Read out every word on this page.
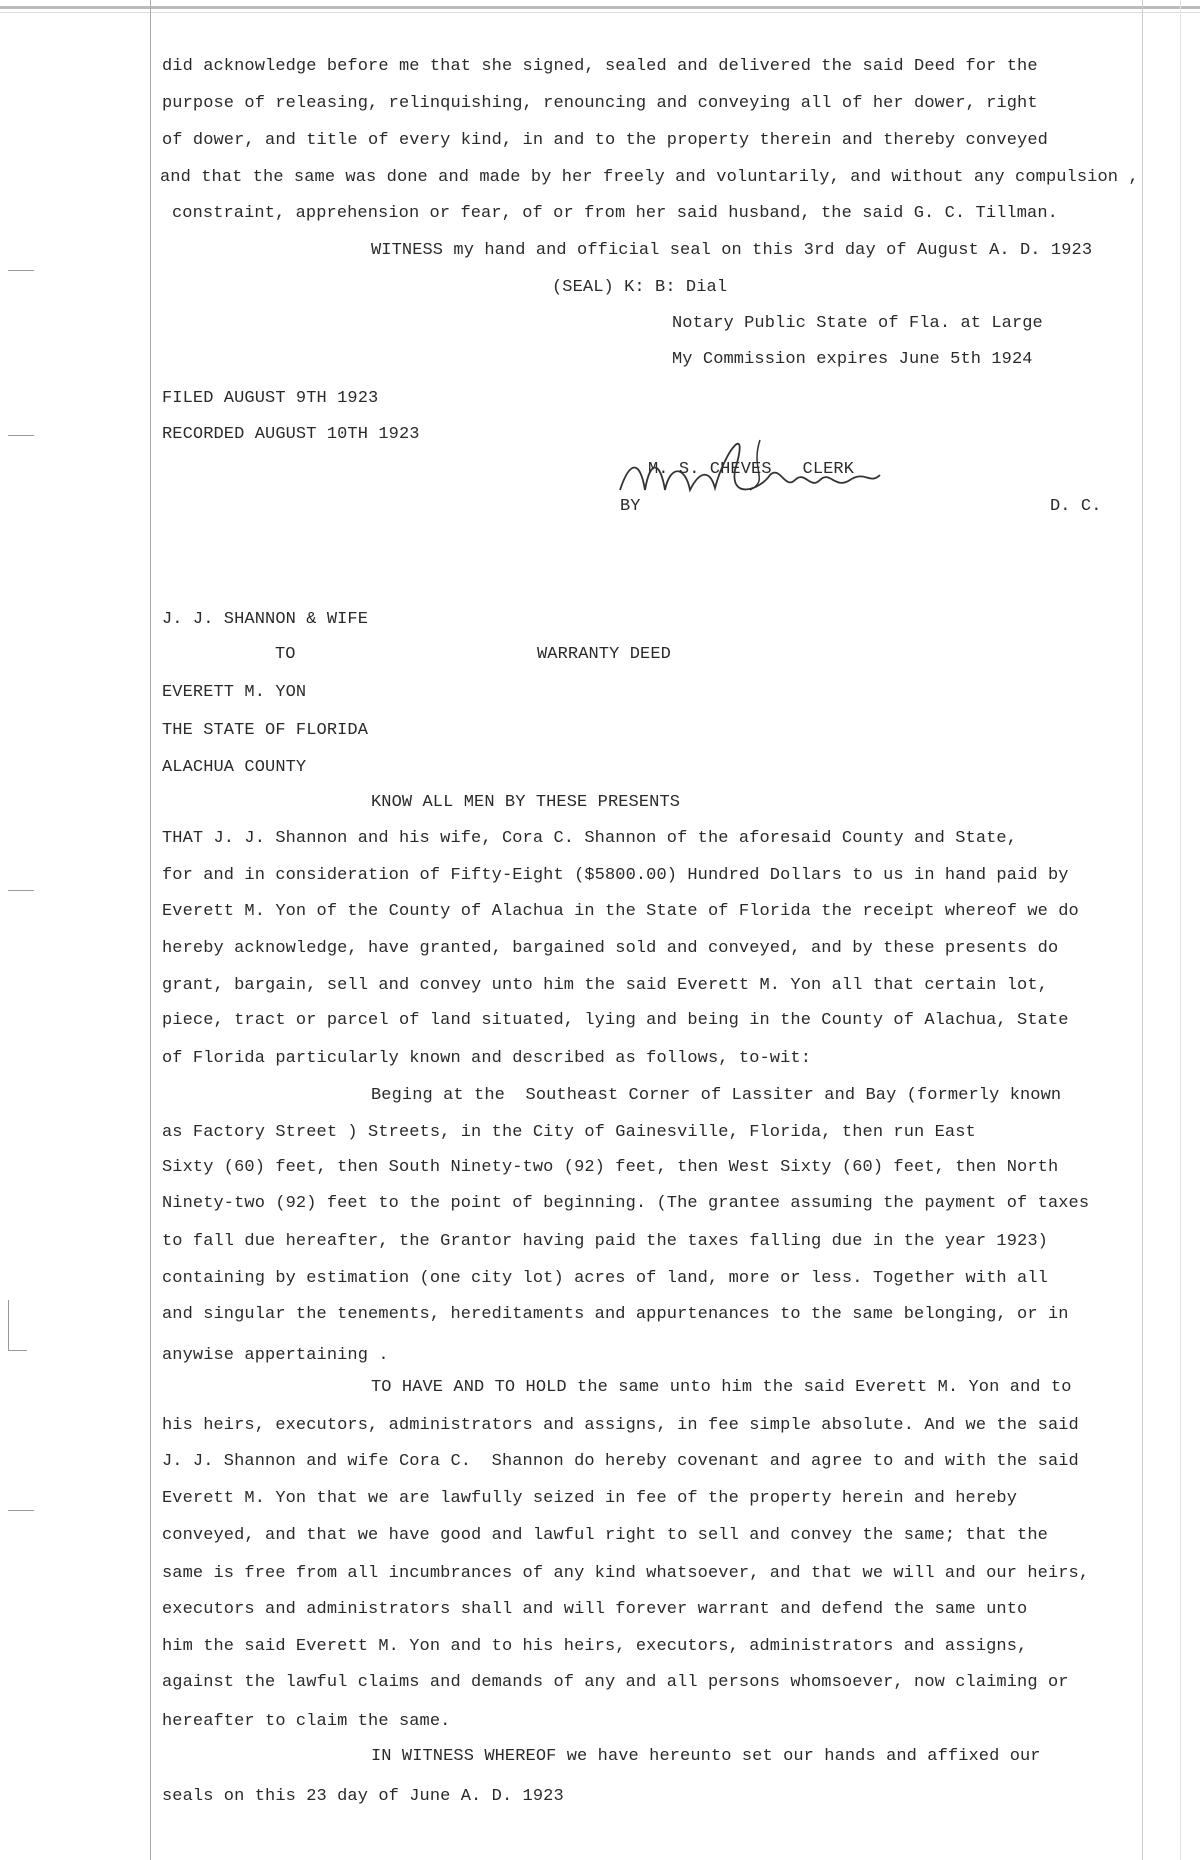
did acknowledge before me that she signed, sealed and delivered the said Deed for the
purpose of releasing, relinquishing, renouncing and conveying all of her dower, right
of dower, and title of every kind, in and to the property therein and thereby conveyed
and that the same was done and made by her freely and voluntarily, and without any compulsion ,
constraint, apprehension or fear, of or from her said husband, the said G. C. Tillman.
WITNESS my hand and official seal on this 3rd day of August A. D. 1923
(SEAL) K: B: Dial
Notary Public State of Fla. at Large
My Commission expires June 5th 1924
FILED AUGUST 9TH 1923
RECORDED AUGUST 10TH 1923
M. S. CHEVES   CLERK
BY	D. C.
J. J. SHANNON & WIFE
TO	WARRANTY DEED
EVERETT M. YON
THE STATE OF FLORIDA
ALACHUA COUNTY
KNOW ALL MEN BY THESE PRESENTS
THAT J. J. Shannon and his wife, Cora C. Shannon of the aforesaid County and State,
for and in consideration of Fifty-Eight ($5800.00) Hundred Dollars to us in hand paid by
Everett M. Yon of the County of Alachua in the State of Florida the receipt whereof we do
hereby acknowledge, have granted, bargained sold and conveyed, and by these presents do
grant, bargain, sell and convey unto him the said Everett M. Yon all that certain lot,
piece, tract or parcel of land situated, lying and being in the County of Alachua, State
of Florida particularly known and described as follows, to-wit:
Beging at the  Southeast Corner of Lassiter and Bay (formerly known
as Factory Street ) Streets, in the City of Gainesville, Florida, then run East
Sixty (60) feet, then South Ninety-two (92) feet, then West Sixty (60) feet, then North
Ninety-two (92) feet to the point of beginning. (The grantee assuming the payment of taxes
to fall due hereafter, the Grantor having paid the taxes falling due in the year 1923)
containing by estimation (one city lot) acres of land, more or less. Together with all
and singular the tenements, hereditaments and appurtenances to the same belonging, or in
anywise appertaining .
TO HAVE AND TO HOLD the same unto him the said Everett M. Yon and to
his heirs, executors, administrators and assigns, in fee simple absolute. And we the said
J. J. Shannon and wife Cora C.  Shannon do hereby covenant and agree to and with the said
Everett M. Yon that we are lawfully seized in fee of the property herein and hereby
conveyed, and that we have good and lawful right to sell and convey the same; that the
same is free from all incumbrances of any kind whatsoever, and that we will and our heirs,
executors and administrators shall and will forever warrant and defend the same unto
him the said Everett M. Yon and to his heirs, executors, administrators and assigns,
against the lawful claims and demands of any and all persons whomsoever, now claiming or
hereafter to claim the same.
IN WITNESS WHEREOF we have hereunto set our hands and affixed our
seals on this 23 day of June A. D. 1923
